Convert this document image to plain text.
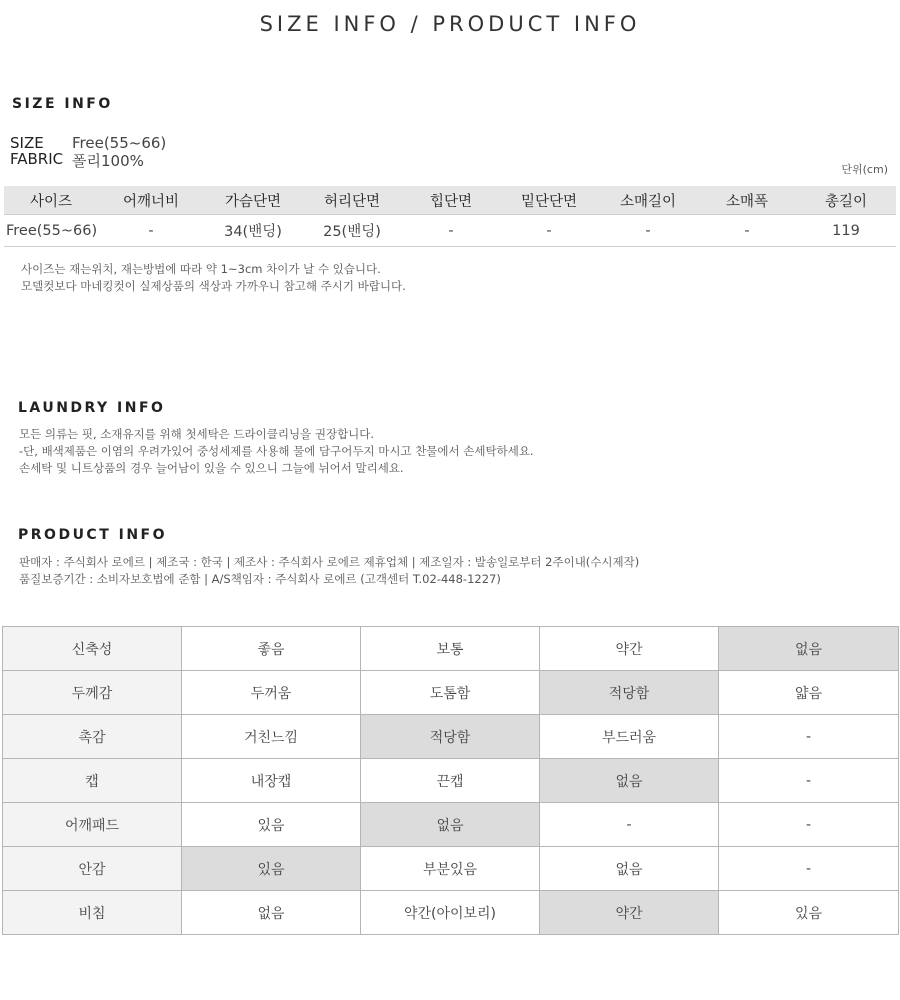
SIZE INFO / PRODUCT INFO
SIZE INFO
SIZE Free(55~66)
FABRIC 폴리100%	단위(cm)
사이즈	어깨너비	가슴단면	허리단면	힙단면	밑단단면	소매길이	소매폭	총길이
Free(55~66)	-	34(밴딩)	25(밴딩)	-	-	-	-	119
사이즈는 재는위치, 재는방법에 따라 약 1~3cm 차이가 날 수 있습니다.
모델컷보다 마네킹컷이 실제상품의 색상과 가까우니 참고해 주시기 바랍니다.
LAUNDRY INFO
모든 의류는 핏, 소재유지를 위해 첫세탁은 드라이클리닝을 권장합니다.
-단, 배색제품은 이염의 우려가있어 중성세제를 사용해 물에 담구어두지 마시고 찬물에서 손세탁하세요.
손세탁 및 니트상품의 경우 늘어남이 있을 수 있으니 그늘에 뉘어서 말리세요.
PRODUCT INFO
판매자 : 주식회사 로에르 | 제조국 : 한국 | 제조사 : 주식회사 로에르 제휴업체 | 제조일자 : 발송일로부터 2주이내(수시제작)
품질보증기간 : 소비자보호법에 준함 | A/S책임자 : 주식회사 로에르 (고객센터 T.02-448-1227)
신축성	좋음	보통	약간	없음
두께감	두꺼움	도톰함	적당함	얇음
촉감	거친느낌	적당함	부드러움	-
캡	내장캡	끈캡	없음	-
어깨패드	있음	없음	-	-
안감	있음	부분있음	없음	-
비침	없음	약간(아이보리)	약간	있음
